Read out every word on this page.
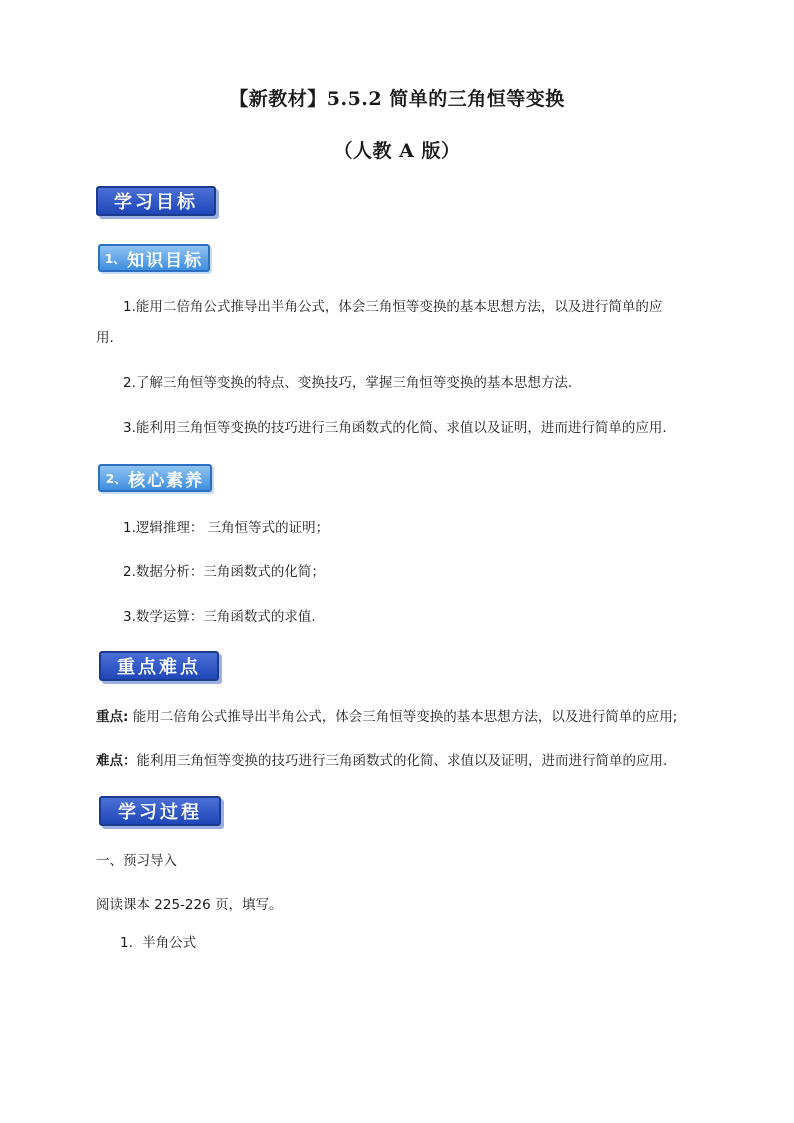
【新教材】5.5.2 简单的三角恒等变换
（人教 A 版）
学习目标
1、 知识目标
1.能用二倍角公式推导出半角公式，体会三角恒等变换的基本思想方法，以及进行简单的应
用.
2.了解三角恒等变换的特点、变换技巧，掌握三角恒等变换的基本思想方法.
3.能利用三角恒等变换的技巧进行三角函数式的化简、求值以及证明，进而进行简单的应用.
2、 核心素养
1.逻辑推理： 三角恒等式的证明；
2.数据分析：三角函数式的化简；
3.数学运算：三角函数式的求值.
重点难点
重点: 能用二倍角公式推导出半角公式，体会三角恒等变换的基本思想方法，以及进行简单的应用;
难点：能利用三角恒等变换的技巧进行三角函数式的化简、求值以及证明，进而进行简单的应用.
学习过程
一、预习导入
阅读课本 225-226 页，填写。
1．半角公式
